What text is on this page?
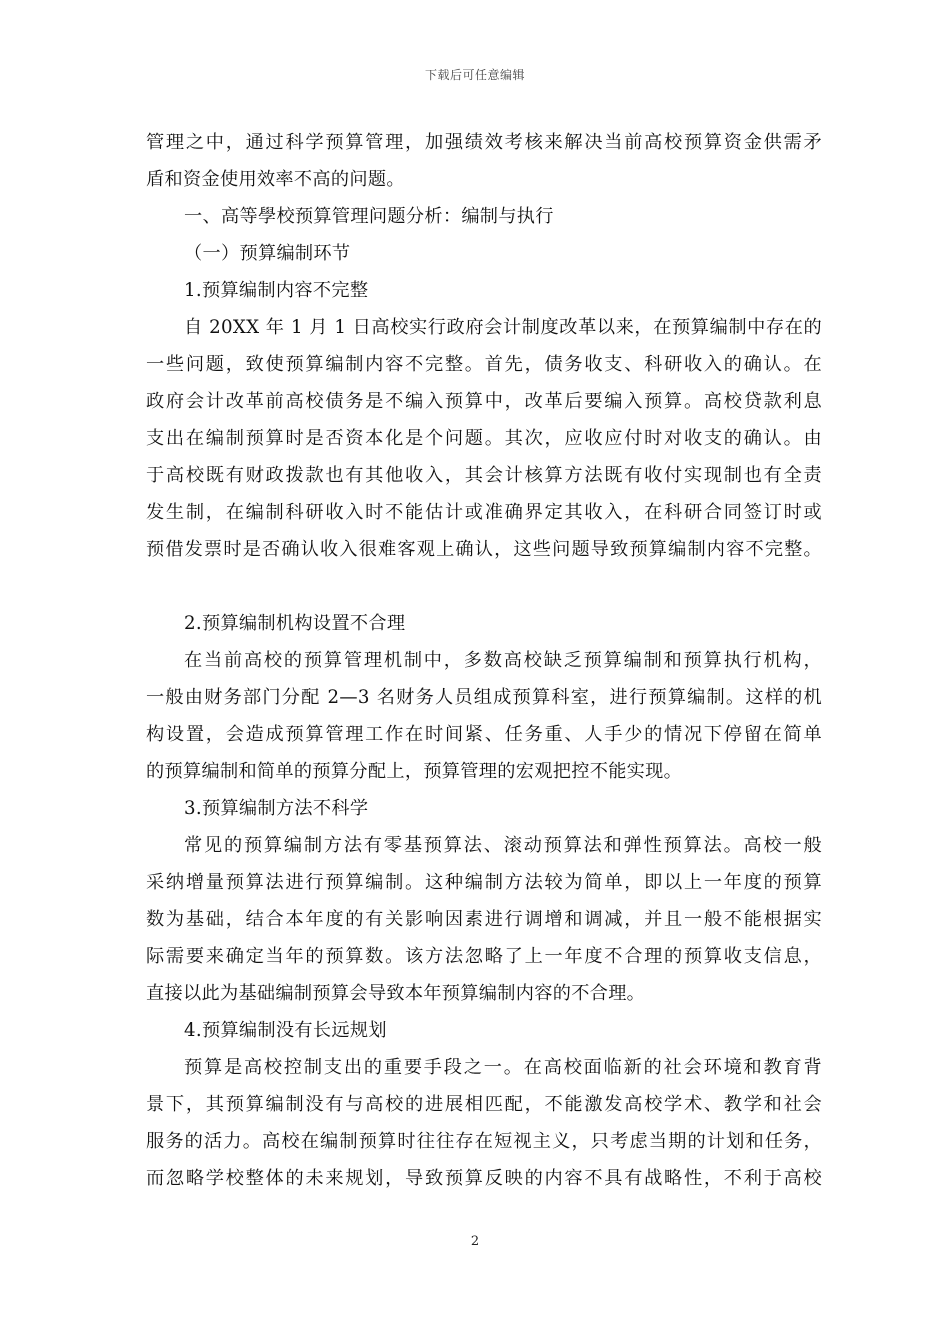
下载后可任意编辑
管理之中，通过科学预算管理，加强绩效考核来解决当前高校预算资金供需矛
盾和资金使用效率不高的问题。
一、高等學校预算管理问题分析：编制与执行
（一）预算编制环节
1.预算编制内容不完整
自 20XX 年 1 月 1 日高校实行政府会计制度改革以来，在预算编制中存在的
一些问题，致使预算编制内容不完整。首先，债务收支、科研收入的确认。在
政府会计改革前高校债务是不编入预算中，改革后要编入预算。高校贷款利息
支出在编制预算时是否资本化是个问题。其次，应收应付时对收支的确认。由
于高校既有财政拨款也有其他收入，其会计核算方法既有收付实现制也有全责
发生制，在编制科研收入时不能估计或准确界定其收入，在科研合同签订时或
预借发票时是否确认收入很难客观上确认，这些问题导致预算编制内容不完整。
2.预算编制机构设置不合理
在当前高校的预算管理机制中，多数高校缺乏预算编制和预算执行机构，
一般由财务部门分配 2—3 名财务人员组成预算科室，进行预算编制。这样的机
构设置，会造成预算管理工作在时间紧、任务重、人手少的情况下停留在简单
的预算编制和简单的预算分配上，预算管理的宏观把控不能实现。
3.预算编制方法不科学
常见的预算编制方法有零基预算法、滚动预算法和弹性预算法。高校一般
采纳增量预算法进行预算编制。这种编制方法较为简单，即以上一年度的预算
数为基础，结合本年度的有关影响因素进行调增和调减，并且一般不能根据实
际需要来确定当年的预算数。该方法忽略了上一年度不合理的预算收支信息，
直接以此为基础编制预算会导致本年预算编制内容的不合理。
4.预算编制没有长远规划
预算是高校控制支出的重要手段之一。在高校面临新的社会环境和教育背
景下，其预算编制没有与高校的进展相匹配，不能激发高校学术、教学和社会
服务的活力。高校在编制预算时往往存在短视主义，只考虑当期的计划和任务，
而忽略学校整体的未来规划，导致预算反映的内容不具有战略性，不利于高校
2
